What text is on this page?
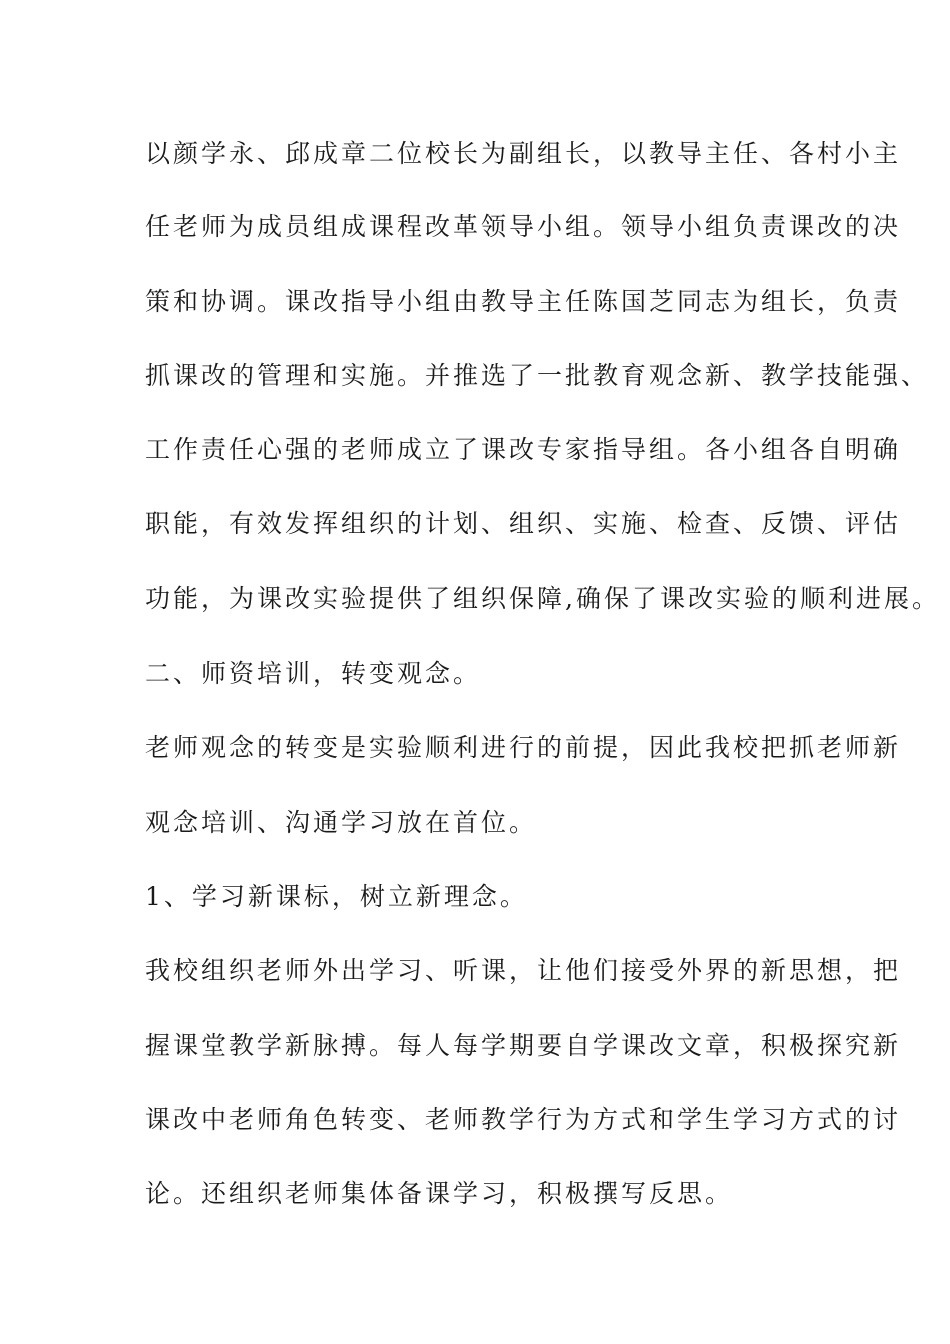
以颜学永、邱成章二位校长为副组长，以教导主任、各村小主
任老师为成员组成课程改革领导小组。领导小组负责课改的决
策和协调。课改指导小组由教导主任陈国芝同志为组长，负责
抓课改的管理和实施。并推选了一批教育观念新、教学技能强、
工作责任心强的老师成立了课改专家指导组。各小组各自明确
职能，有效发挥组织的计划、组织、实施、检查、反馈、评估
功能，为课改实验提供了组织保障,确保了课改实验的顺利进展。
二、师资培训，转变观念。
老师观念的转变是实验顺利进行的前提，因此我校把抓老师新
观念培训、沟通学习放在首位。
1、学习新课标，树立新理念。
我校组织老师外出学习、听课，让他们接受外界的新思想，把
握课堂教学新脉搏。每人每学期要自学课改文章，积极探究新
课改中老师角色转变、老师教学行为方式和学生学习方式的讨
论。还组织老师集体备课学习，积极撰写反思。
